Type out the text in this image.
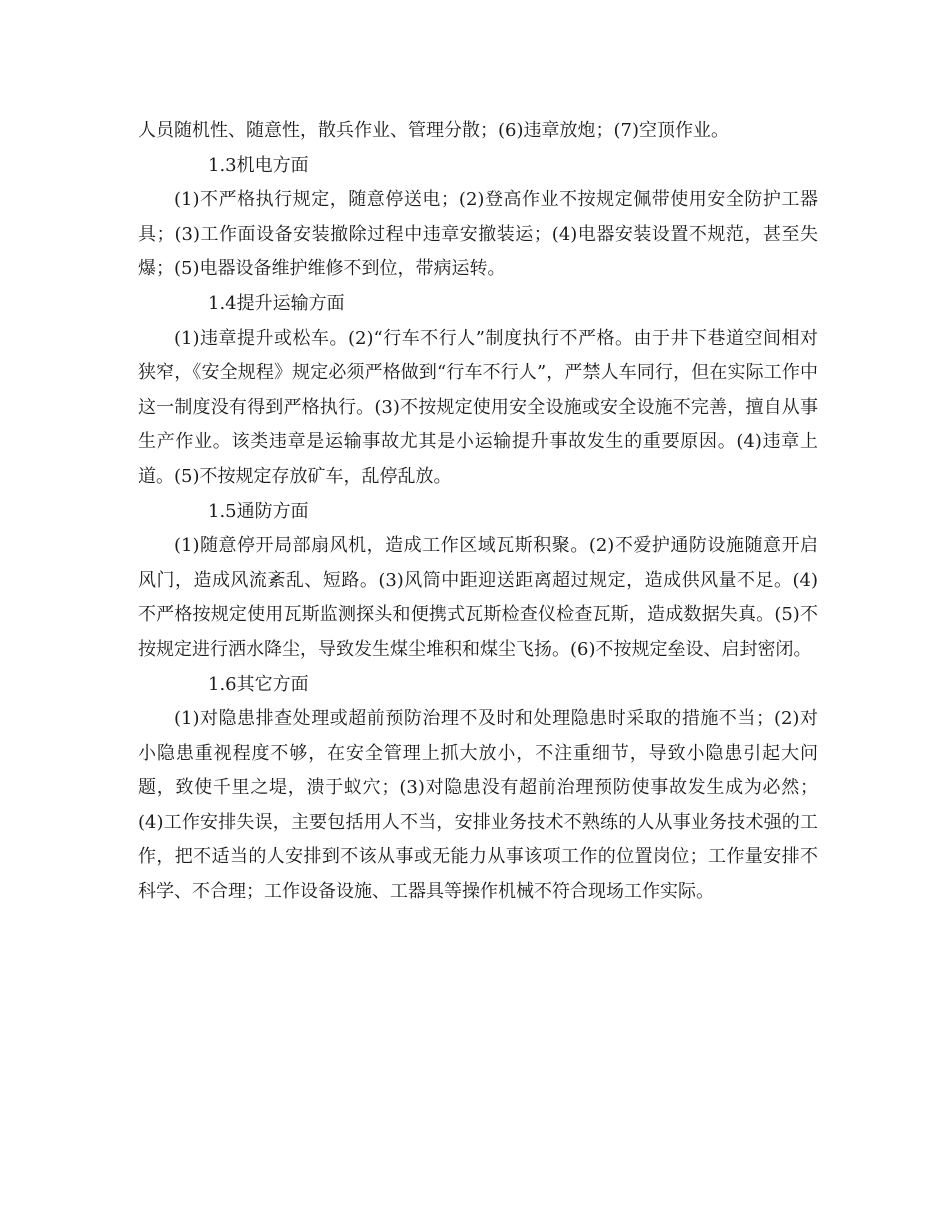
人员随机性、随意性，散兵作业、管理分散；(6)违章放炮；(7)空顶作业。

1.3机电方面

(1)不严格执行规定，随意停送电；(2)登高作业不按规定佩带使用安全防护工器具；(3)工作面设备安装撤除过程中违章安撤装运；(4)电器安装设置不规范，甚至失爆；(5)电器设备维护维修不到位，带病运转。

1.4提升运输方面

(1)违章提升或松车。(2)“行车不行人”制度执行不严格。由于井下巷道空间相对狭窄，《安全规程》规定必须严格做到“行车不行人”，严禁人车同行，但在实际工作中这一制度没有得到严格执行。(3)不按规定使用安全设施或安全设施不完善，擅自从事生产作业。该类违章是运输事故尤其是小运输提升事故发生的重要原因。(4)违章上道。(5)不按规定存放矿车，乱停乱放。

1.5通防方面

(1)随意停开局部扇风机，造成工作区域瓦斯积聚。(2)不爱护通防设施随意开启风门，造成风流紊乱、短路。(3)风筒中距迎送距离超过规定，造成供风量不足。(4)不严格按规定使用瓦斯监测探头和便携式瓦斯检查仪检查瓦斯，造成数据失真。(5)不按规定进行洒水降尘，导致发生煤尘堆积和煤尘飞扬。(6)不按规定垒设、启封密闭。

1.6其它方面

(1)对隐患排查处理或超前预防治理不及时和处理隐患时采取的措施不当；(2)对小隐患重视程度不够，在安全管理上抓大放小，不注重细节，导致小隐患引起大问题，致使千里之堤，溃于蚁穴；(3)对隐患没有超前治理预防使事故发生成为必然；(4)工作安排失误，主要包括用人不当，安排业务技术不熟练的人从事业务技术强的工作，把不适当的人安排到不该从事或无能力从事该项工作的位置岗位；工作量安排不科学、不合理；工作设备设施、工器具等操作机械不符合现场工作实际。
